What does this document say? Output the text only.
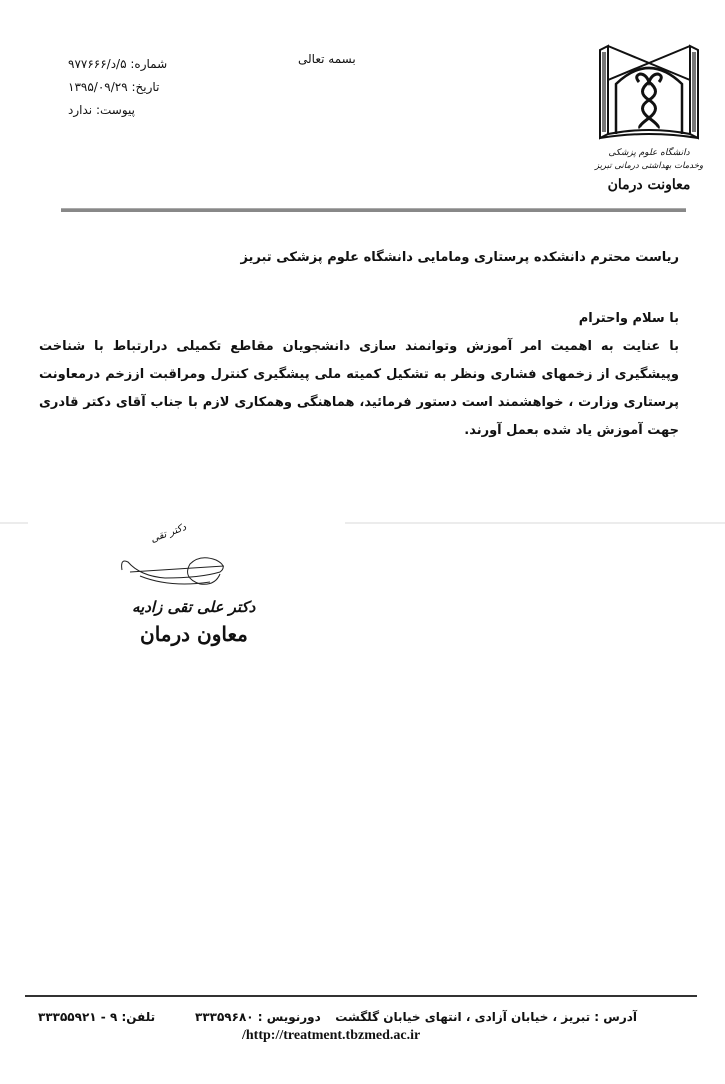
بسمه تعالی
شماره: ۵/د/۹۷۷۶۶۶
تاریخ: ۱۳۹۵/۰۹/۲۹
پیوست: ندارد
دانشگاه علوم پزشکی
وخدمات بهداشتی درمانی تبریز
معاونت درمان
ریاست محترم دانشکده پرستاری ومامایی دانشگاه علوم پزشکی تبریز

با سلام واحترام

با عنایت به اهمیت امر آموزش وتوانمند سازی دانشجویان مقاطع تکمیلی درارتباط با شناخت وپیشگیری از زخمهای فشاری ونظر به تشکیل کمیته ملی پیشگیری کنترل ومراقبت اززخم درمعاونت پرستاری وزارت ، خواهشمند است دستور فرمائید، هماهنگی وهمکاری لازم با جناب آقای دکتر قادری جهت آموزش یاد شده بعمل آورند.

دکتر تقی
دکتر علی تقی زادیه
معاون درمان
آدرس : تبریز ، خیابان آزادی ، انتهای خیابان گلگشت
دورنویس : ۳۳۳۵۹۶۸۰
تلفن: ۹ - ۳۳۳۵۵۹۲۱
/http://treatment.tbzmed.ac.ir
